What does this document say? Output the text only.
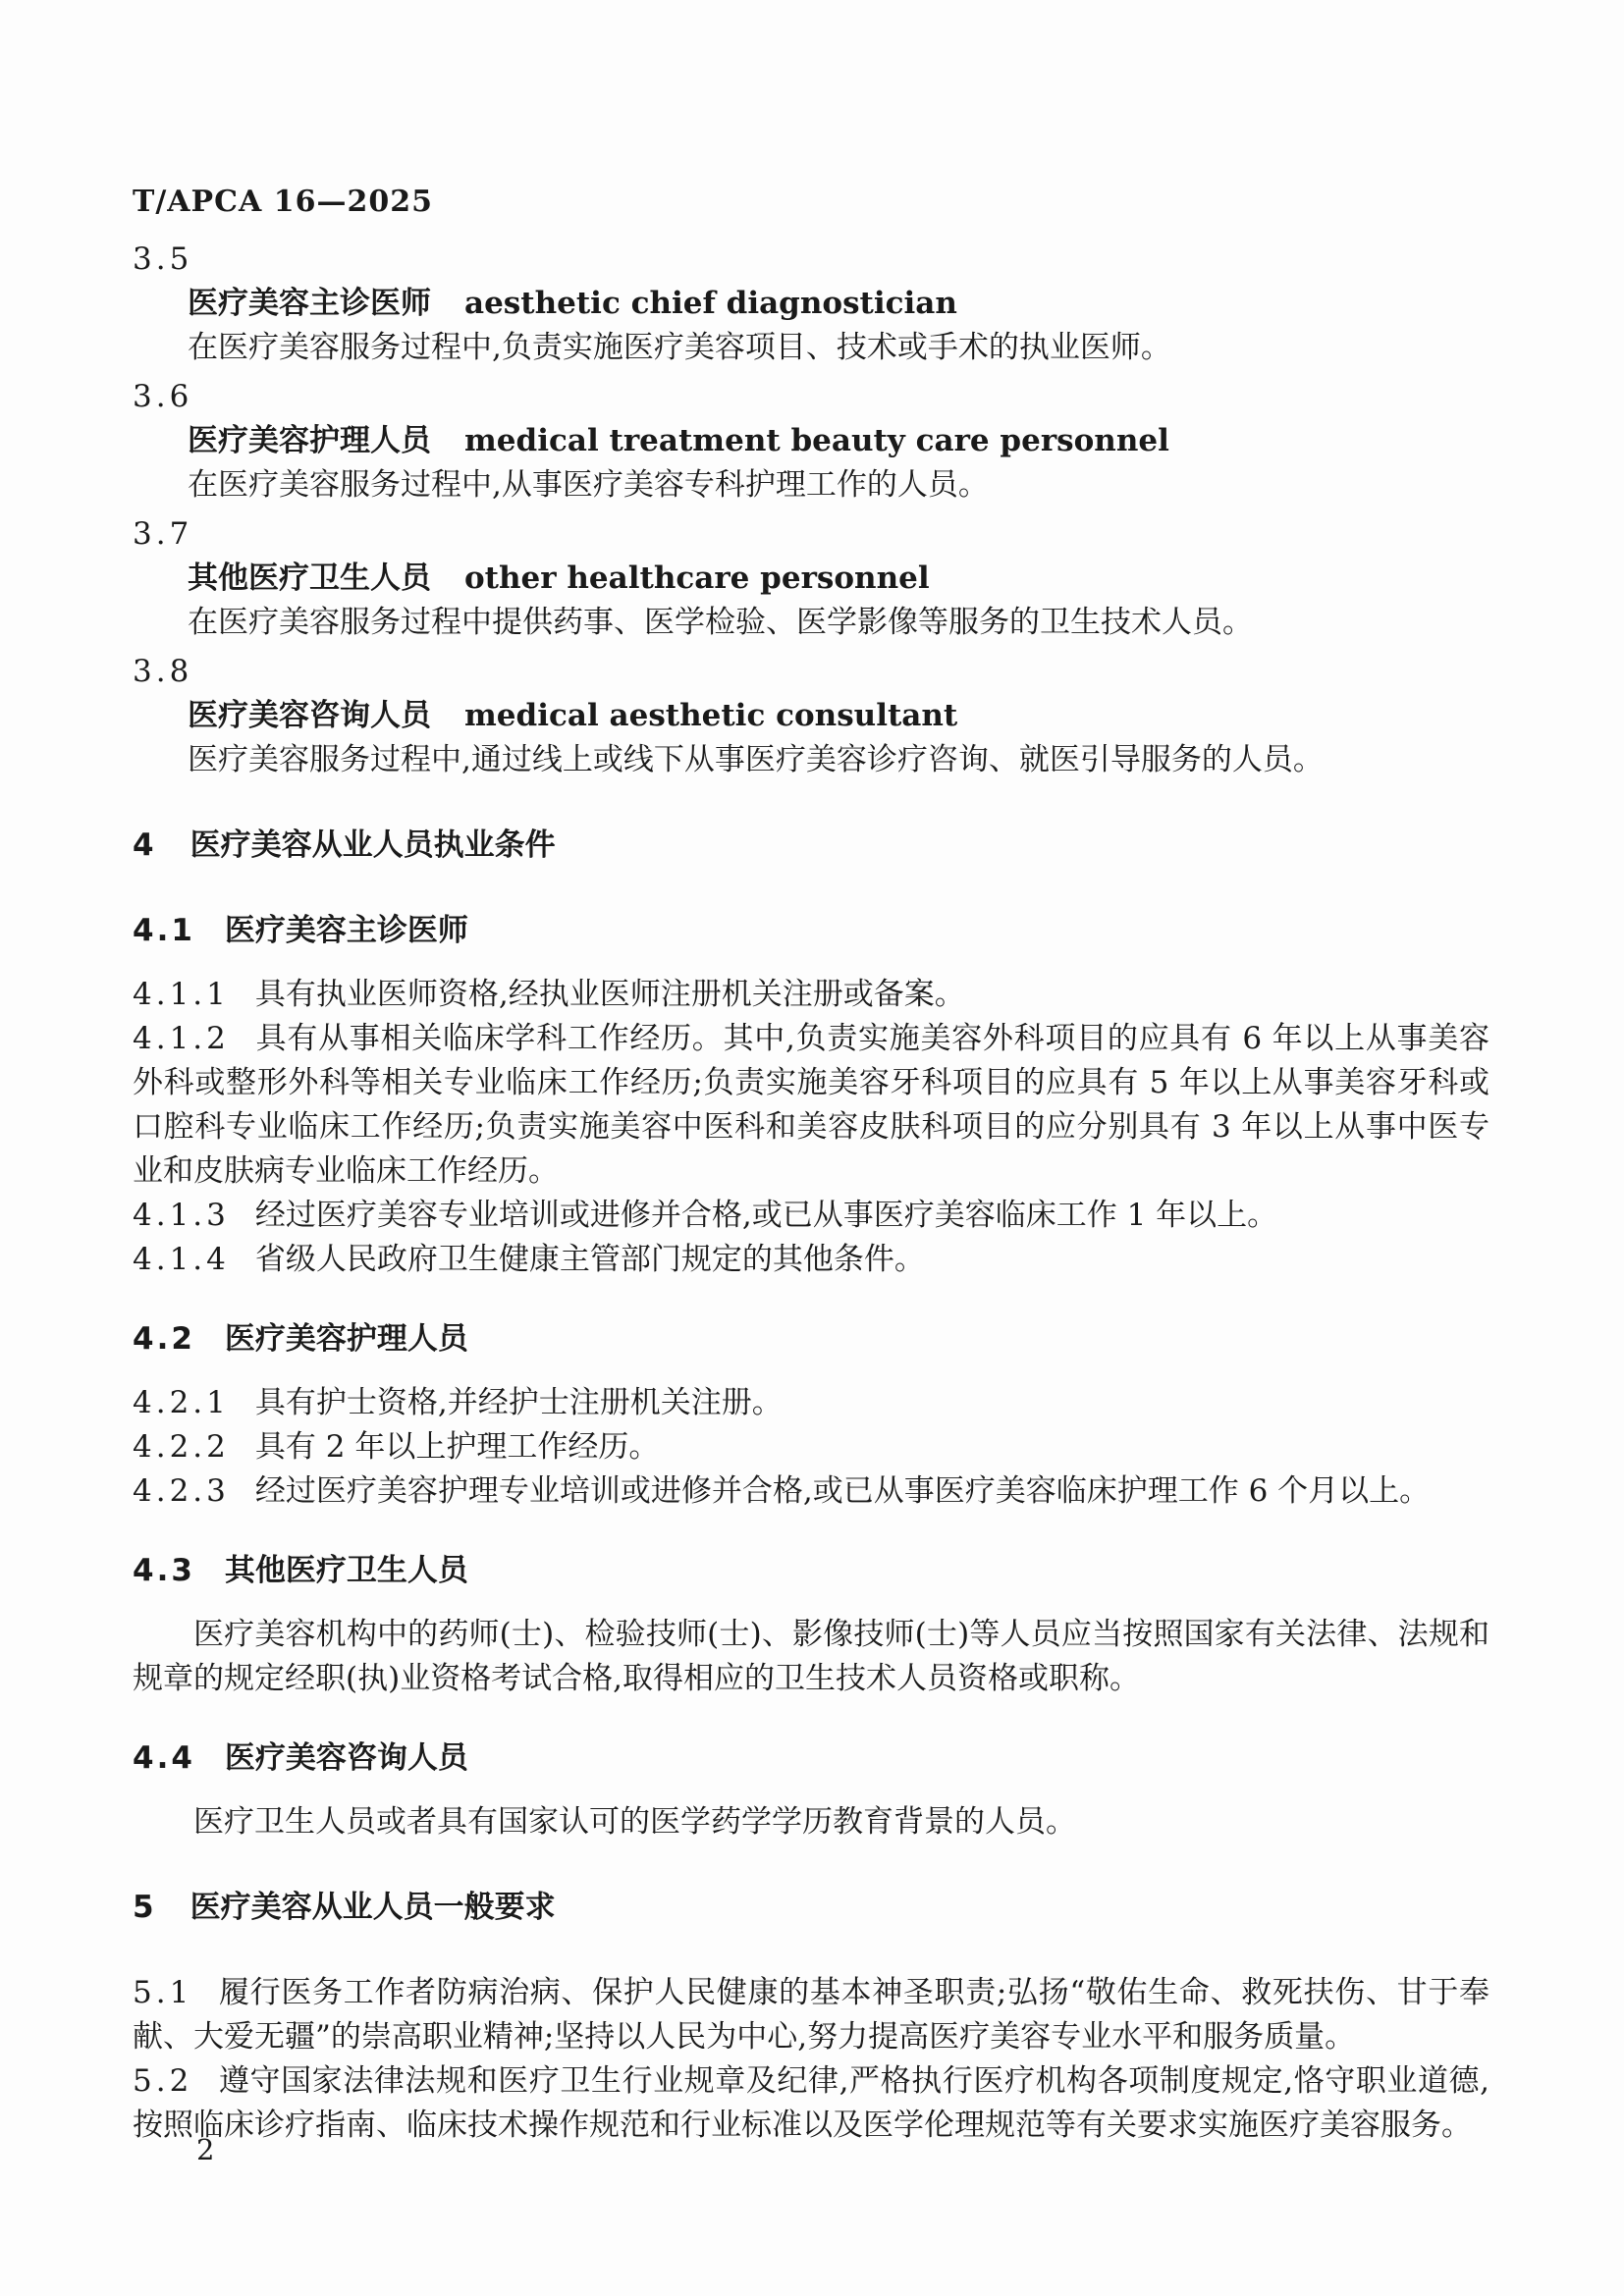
T/APCA 16—2025
3.5
医疗美容主诊医师 aesthetic chief diagnostician
在医疗美容服务过程中,负责实施医疗美容项目、技术或手术的执业医师。
3.6
医疗美容护理人员 medical treatment beauty care personnel
在医疗美容服务过程中,从事医疗美容专科护理工作的人员。
3.7
其他医疗卫生人员 other healthcare personnel
在医疗美容服务过程中提供药事、医学检验、医学影像等服务的卫生技术人员。
3.8
医疗美容咨询人员 medical aesthetic consultant
医疗美容服务过程中,通过线上或线下从事医疗美容诊疗咨询、就医引导服务的人员。
4 医疗美容从业人员执业条件
4.1 医疗美容主诊医师

4.1.1 具有执业医师资格,经执业医师注册机关注册或备案。

4.1.2 具有从事相关临床学科工作经历。其中,负责实施美容外科项目的应具有 6 年以上从事美容外科或整形外科等相关专业临床工作经历;负责实施美容牙科项目的应具有 5 年以上从事美容牙科或口腔科专业临床工作经历;负责实施美容中医科和美容皮肤科项目的应分别具有 3 年以上从事中医专业和皮肤病专业临床工作经历。

4.1.3 经过医疗美容专业培训或进修并合格,或已从事医疗美容临床工作 1 年以上。

4.1.4 省级人民政府卫生健康主管部门规定的其他条件。

4.2 医疗美容护理人员

4.2.1 具有护士资格,并经护士注册机关注册。

4.2.2 具有 2 年以上护理工作经历。

4.2.3 经过医疗美容护理专业培训或进修并合格,或已从事医疗美容临床护理工作 6 个月以上。

4.3 其他医疗卫生人员

医疗美容机构中的药师(士)、检验技师(士)、影像技师(士)等人员应当按照国家有关法律、法规和规章的规定经职(执)业资格考试合格,取得相应的卫生技术人员资格或职称。

4.4 医疗美容咨询人员

医疗卫生人员或者具有国家认可的医学药学学历教育背景的人员。

5 医疗美容从业人员一般要求

5.1 履行医务工作者防病治病、保护人民健康的基本神圣职责;弘扬“敬佑生命、救死扶伤、甘于奉献、大爱无疆”的崇高职业精神;坚持以人民为中心,努力提高医疗美容专业水平和服务质量。

5.2 遵守国家法律法规和医疗卫生行业规章及纪律,严格执行医疗机构各项制度规定,恪守职业道德,按照临床诊疗指南、临床技术操作规范和行业标准以及医学伦理规范等有关要求实施医疗美容服务。

2
